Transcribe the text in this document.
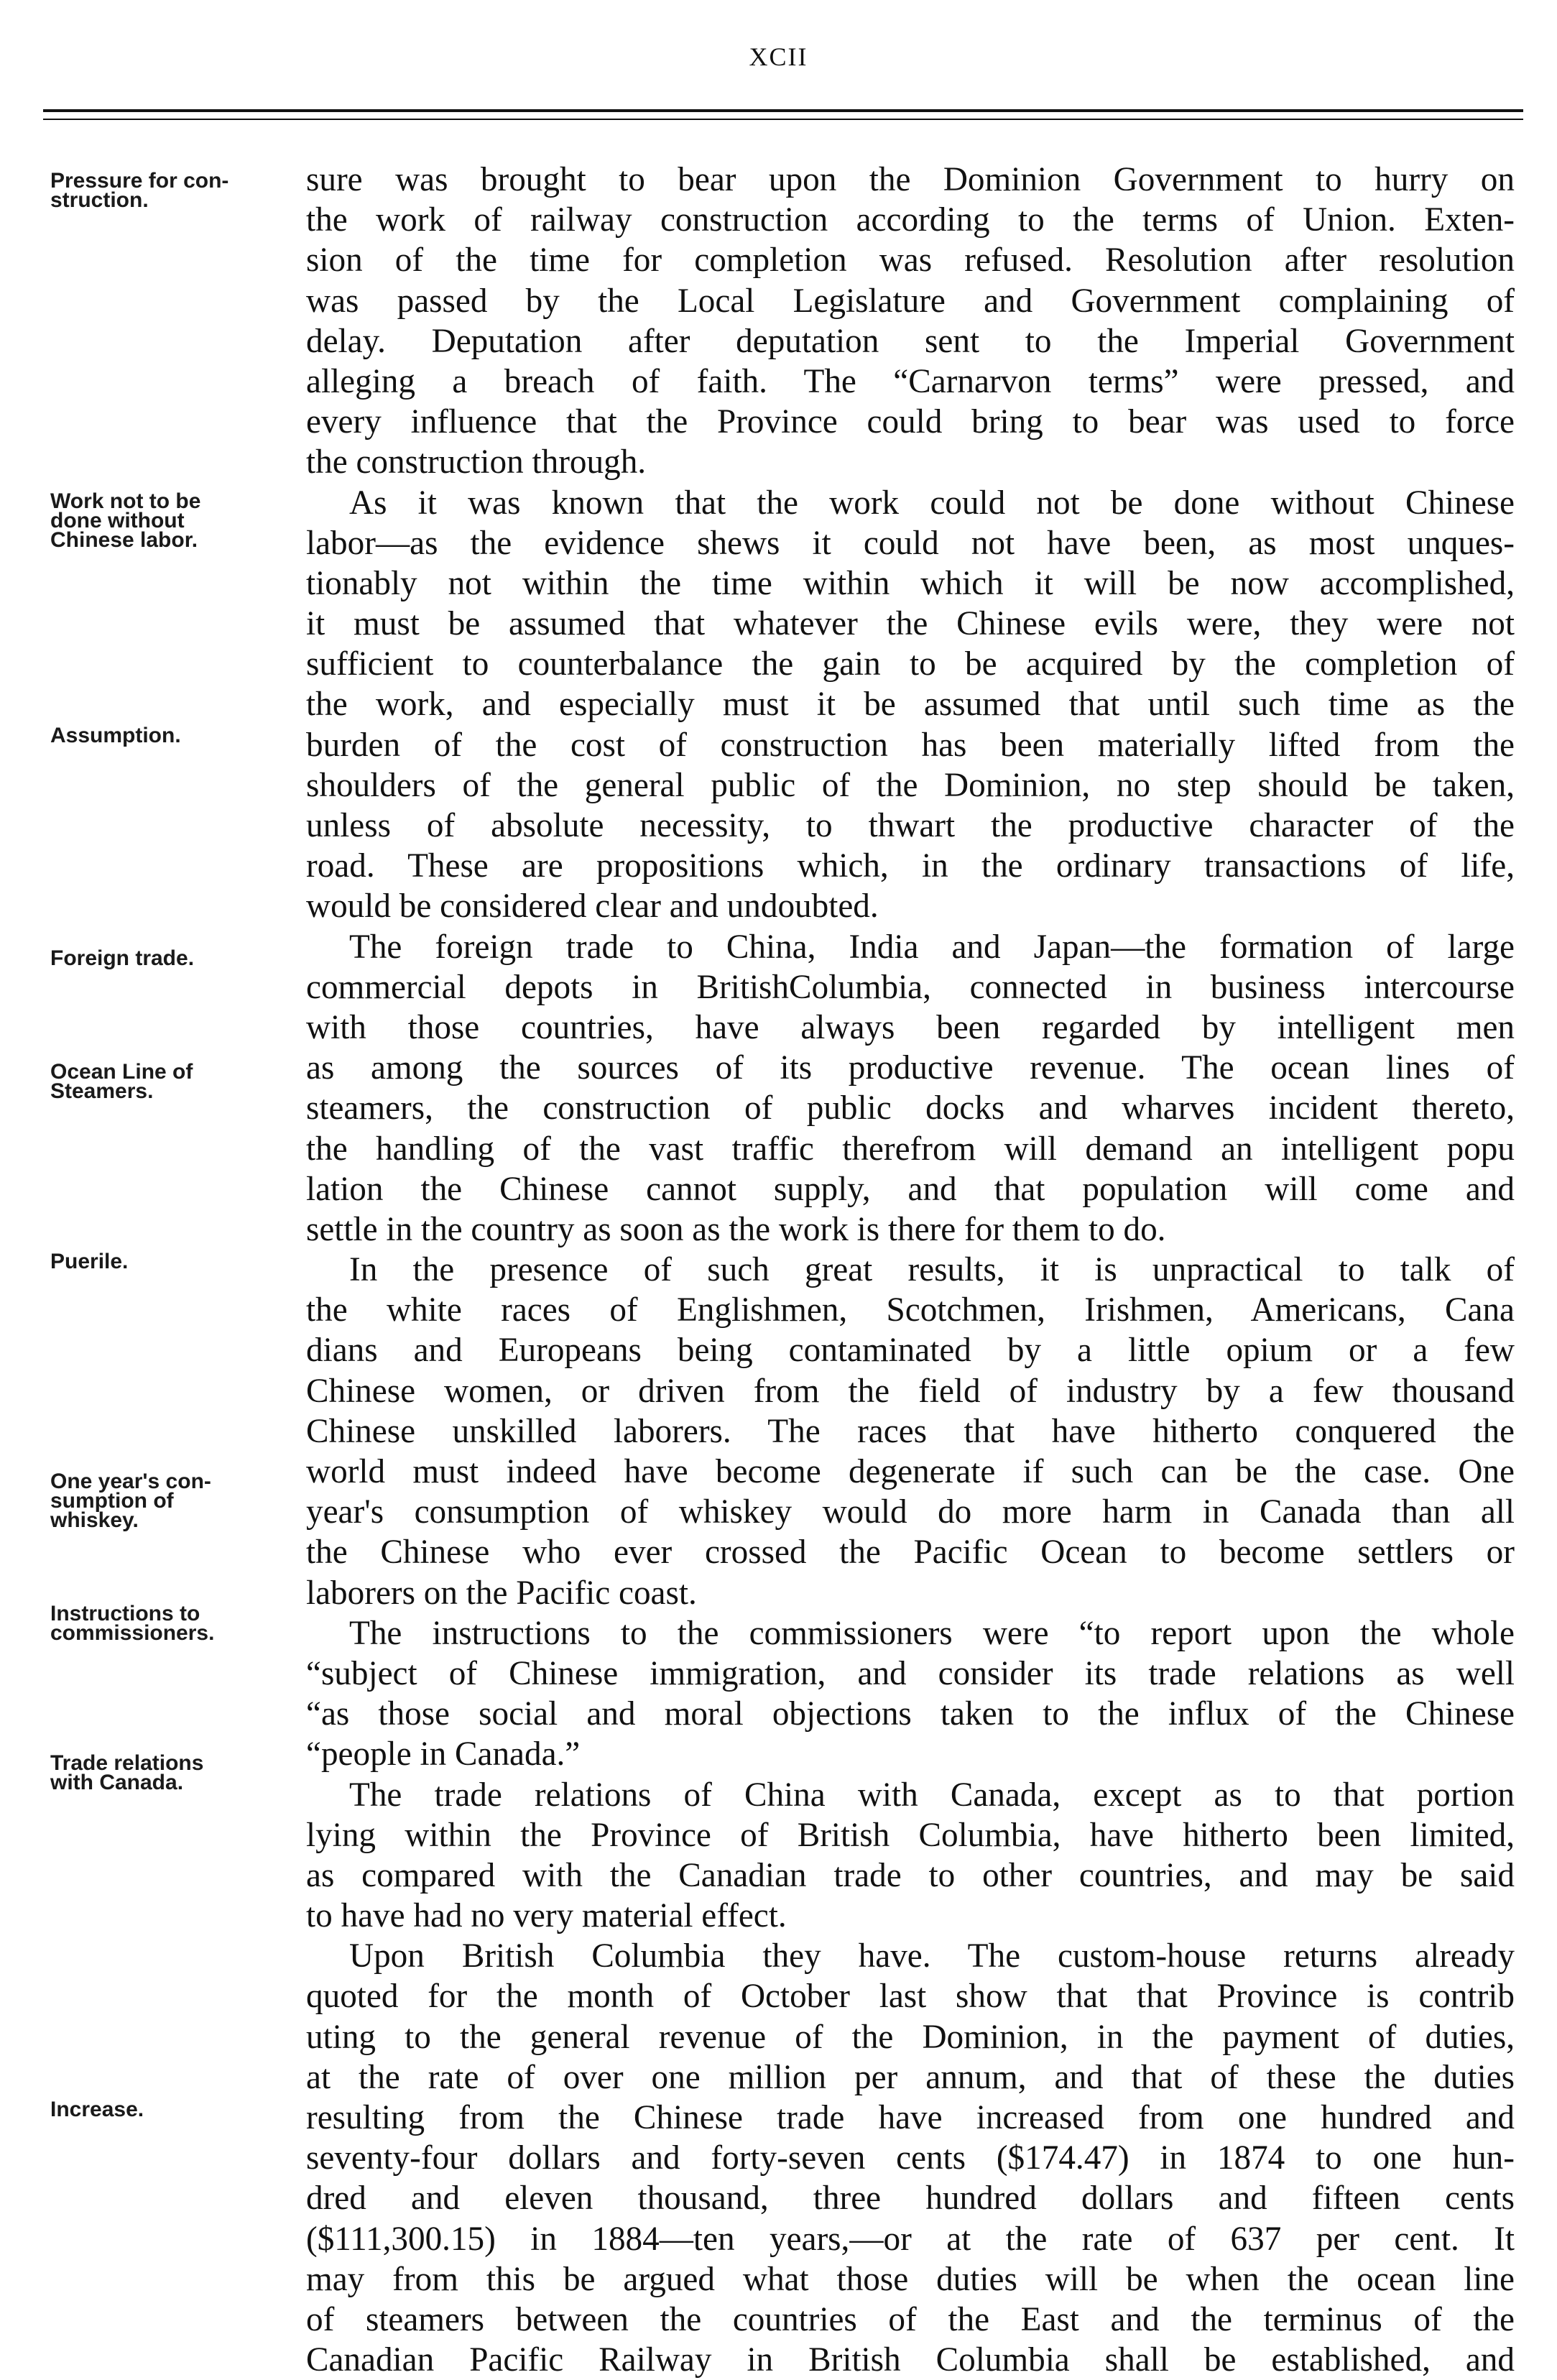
XCII
Pressure for con-
struction.
Work not to be
done without
Chinese labor.
Assumption.
Foreign trade.
Ocean Line of
Steamers.
Puerile.
One year's con-
sumption of
whiskey.
Instructions to
commissioners.
Trade relations
with Canada.
Increase.
sure was brought to bear upon the Dominion Government to hurry on
the work of railway construction according to the terms of Union. Exten-
sion of the time for completion was refused. Resolution after resolution
was passed by the Local Legislature and Government complaining of
delay. Deputation after deputation sent to the Imperial Government
alleging a breach of faith. The “Carnarvon terms” were pressed, and
every influence that the Province could bring to bear was used to force
the construction through.
As it was known that the work could not be done without Chinese
labor—as the evidence shews it could not have been, as most unques-
tionably not within the time within which it will be now accomplished,
it must be assumed that whatever the Chinese evils were, they were not
sufficient to counterbalance the gain to be acquired by the completion of
the work, and especially must it be assumed that until such time as the
burden of the cost of construction has been materially lifted from the
shoulders of the general public of the Dominion, no step should be taken,
unless of absolute necessity, to thwart the productive character of the
road. These are propositions which, in the ordinary transactions of life,
would be considered clear and undoubted.
The foreign trade to China, India and Japan—the formation of large
commercial depots in BritishColumbia, connected in business intercourse
with those countries, have always been regarded by intelligent men
as among the sources of its productive revenue. The ocean lines of
steamers, the construction of public docks and wharves incident thereto,
the handling of the vast traffic therefrom will demand an intelligent popu
lation the Chinese cannot supply, and that population will come and
settle in the country as soon as the work is there for them to do.
In the presence of such great results, it is unpractical to talk of
the white races of Englishmen, Scotchmen, Irishmen, Americans, Cana
dians and Europeans being contaminated by a little opium or a few
Chinese women, or driven from the field of industry by a few thousand
Chinese unskilled laborers. The races that have hitherto conquered the
world must indeed have become degenerate if such can be the case. One
year's consumption of whiskey would do more harm in Canada than all
the Chinese who ever crossed the Pacific Ocean to become settlers or
laborers on the Pacific coast.
The instructions to the commissioners were “to report upon the whole
“subject of Chinese immigration, and consider its trade relations as well
“as those social and moral objections taken to the influx of the Chinese
“people in Canada.”
The trade relations of China with Canada, except as to that portion
lying within the Province of British Columbia, have hitherto been limited,
as compared with the Canadian trade to other countries, and may be said
to have had no very material effect.
Upon British Columbia they have. The custom-house returns already
quoted for the month of October last show that that Province is contrib
uting to the general revenue of the Dominion, in the payment of duties,
at the rate of over one million per annum, and that of these the duties
resulting from the Chinese trade have increased from one hundred and
seventy-four dollars and forty-seven cents ($174.47) in 1874 to one hun-
dred and eleven thousand, three hundred dollars and fifteen cents
($111,300.15) in 1884—ten years,—or at the rate of 637 per cent. It
may from this be argued what those duties will be when the ocean line
of steamers between the countries of the East and the terminus of the
Canadian Pacific Railway in British Columbia shall be established, and
